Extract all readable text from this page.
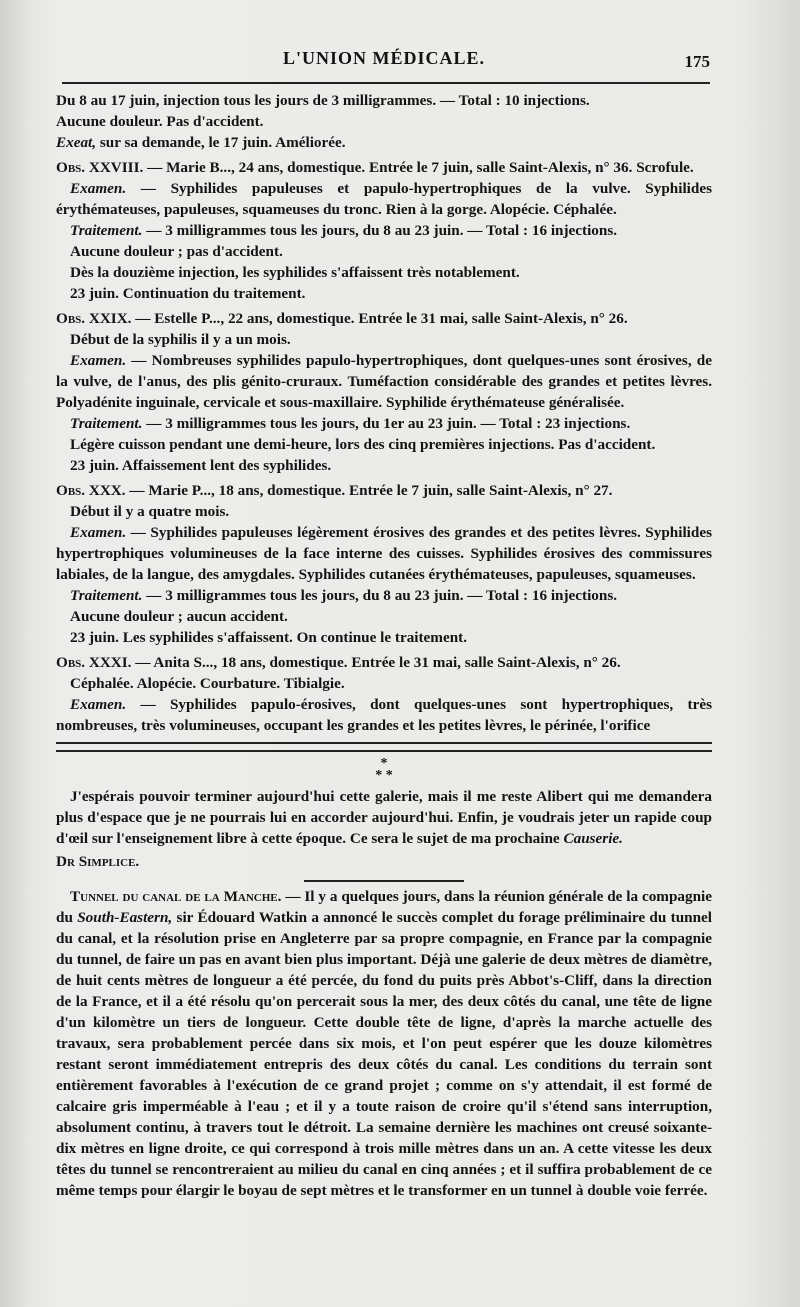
L'UNION MÉDICALE.	175

Du 8 au 17 juin, injection tous les jours de 3 milligrammes. — Total : 10 injections.

Aucune douleur. Pas d'accident.

Exeat, sur sa demande, le 17 juin. Améliorée.

Obs. XXVIII. — Marie B..., 24 ans, domestique. Entrée le 7 juin, salle Saint-Alexis, n° 36. Scrofule.

Examen. — Syphilides papuleuses et papulo-hypertrophiques de la vulve. Syphilides érythémateuses, papuleuses, squameuses du tronc. Rien à la gorge. Alopécie. Céphalée.

Traitement. — 3 milligrammes tous les jours, du 8 au 23 juin. — Total : 16 injections.

Aucune douleur ; pas d'accident.

Dès la douzième injection, les syphilides s'affaissent très notablement.

23 juin. Continuation du traitement.

Obs. XXIX. — Estelle P..., 22 ans, domestique. Entrée le 31 mai, salle Saint-Alexis, n° 26.

Début de la syphilis il y a un mois.

Examen. — Nombreuses syphilides papulo-hypertrophiques, dont quelques-unes sont érosives, de la vulve, de l'anus, des plis génito-cruraux. Tuméfaction considérable des grandes et petites lèvres. Polyadénite inguinale, cervicale et sous-maxillaire. Syphilide érythémateuse généralisée.

Traitement. — 3 milligrammes tous les jours, du 1er au 23 juin. — Total : 23 injections.

Légère cuisson pendant une demi-heure, lors des cinq premières injections. Pas d'accident.

23 juin. Affaissement lent des syphilides.

Obs. XXX. — Marie P..., 18 ans, domestique. Entrée le 7 juin, salle Saint-Alexis, n° 27.

Début il y a quatre mois.

Examen. — Syphilides papuleuses légèrement érosives des grandes et des petites lèvres. Syphilides hypertrophiques volumineuses de la face interne des cuisses. Syphilides érosives des commissures labiales, de la langue, des amygdales. Syphilides cutanées érythémateuses, papuleuses, squameuses.

Traitement. — 3 milligrammes tous les jours, du 8 au 23 juin. — Total : 16 injections.

Aucune douleur ; aucun accident.

23 juin. Les syphilides s'affaissent. On continue le traitement.

Obs. XXXI. — Anita S..., 18 ans, domestique. Entrée le 31 mai, salle Saint-Alexis, n° 26.

Céphalée. Alopécie. Courbature. Tibialgie.

Examen. — Syphilides papulo-érosives, dont quelques-unes sont hypertrophiques, très nombreuses, très volumineuses, occupant les grandes et les petites lèvres, le périnée, l'orifice

*
* *

J'espérais pouvoir terminer aujourd'hui cette galerie, mais il me reste Alibert qui me demandera plus d'espace que je ne pourrais lui en accorder aujourd'hui. Enfin, je voudrais jeter un rapide coup d'œil sur l'enseignement libre à cette époque. Ce sera le sujet de ma prochaine Causerie.

Dr Simplice.

Tunnel du canal de la Manche. — Il y a quelques jours, dans la réunion générale de la compagnie du South-Eastern, sir Édouard Watkin a annoncé le succès complet du forage préliminaire du tunnel du canal, et la résolution prise en Angleterre par sa propre compagnie, en France par la compagnie du tunnel, de faire un pas en avant bien plus important. Déjà une galerie de deux mètres de diamètre, de huit cents mètres de longueur a été percée, du fond du puits près Abbot's-Cliff, dans la direction de la France, et il a été résolu qu'on percerait sous la mer, des deux côtés du canal, une tête de ligne d'un kilomètre un tiers de longueur. Cette double tête de ligne, d'après la marche actuelle des travaux, sera probablement percée dans six mois, et l'on peut espérer que les douze kilomètres restant seront immédiatement entrepris des deux côtés du canal. Les conditions du terrain sont entièrement favorables à l'exécution de ce grand projet ; comme on s'y attendait, il est formé de calcaire gris imperméable à l'eau ; et il y a toute raison de croire qu'il s'étend sans interruption, absolument continu, à travers tout le détroit. La semaine dernière les machines ont creusé soixante-dix mètres en ligne droite, ce qui correspond à trois mille mètres dans un an. A cette vitesse les deux têtes du tunnel se rencontreraient au milieu du canal en cinq années ; et il suffira probablement de ce même temps pour élargir le boyau de sept mètres et le transformer en un tunnel à double voie ferrée.
